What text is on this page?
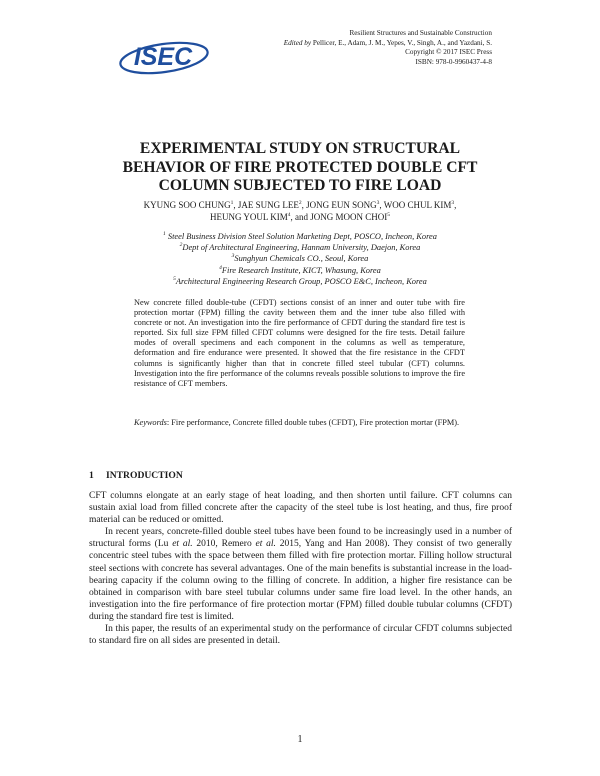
ISEC
Resilient Structures and Sustainable Construction
Edited by Pellicer, E., Adam, J. M., Yepes, V., Singh, A., and Yazdani, S.
Copyright © 2017 ISEC Press
ISBN: 978-0-9960437-4-8
EXPERIMENTAL STUDY ON STRUCTURAL
BEHAVIOR OF FIRE PROTECTED DOUBLE CFT
COLUMN SUBJECTED TO FIRE LOAD
KYUNG SOO CHUNG$^1$, JAE SUNG LEE$^2$, JONG EUN SONG$^3$, WOO CHUL KIM$^3$,
HEUNG YOUL KIM$^4$, and JONG MOON CHOI$^5$
$^1$ Steel Business Division Steel Solution Marketing Dept, POSCO, Incheon, Korea
$^2$Dept of Architectural Engineering, Hannam University, Daejon, Korea
$^3$Sunghyun Chemicals CO., Seoul, Korea
$^4$Fire Research Institute, KICT, Whasung, Korea
$^5$Architectural Engineering Research Group, POSCO E&C, Incheon, Korea
New concrete filled double-tube (CFDT) sections consist of an inner and outer tube with fire protection mortar (FPM) filling the cavity between them and the inner tube also filled with concrete or not. An investigation into the fire performance of CFDT during the standard fire test is reported. Six full size FPM filled CFDT columns were designed for the fire tests. Detail failure modes of overall specimens and each component in the columns as well as temperature, deformation and fire endurance were presented. It showed that the fire resistance in the CFDT columns is significantly higher than that in concrete filled steel tubular (CFT) columns. Investigation into the fire performance of the columns reveals possible solutions to improve the fire resistance of CFT members.
Keywords: Fire performance, Concrete filled double tubes (CFDT), Fire protection mortar (FPM).
1 INTRODUCTION

CFT columns elongate at an early stage of heat loading, and then shorten until failure. CFT columns can sustain axial load from filled concrete after the capacity of the steel tube is lost heating, and thus, fire proof material can be reduced or omitted.

In recent years, concrete-filled double steel tubes have been found to be increasingly used in a number of structural forms (Lu et al. 2010, Remero et al. 2015, Yang and Han 2008). They consist of two generally concentric steel tubes with the space between them filled with fire protection mortar. Filling hollow structural steel sections with concrete has several advantages. One of the main benefits is substantial increase in the load-bearing capacity if the column owing to the filling of concrete. In addition, a higher fire resistance can be obtained in comparison with bare steel tubular columns under same fire load level. In the other hands, an investigation into the fire performance of fire protection mortar (FPM) filled double tubular columns (CFDT) during the standard fire test is limited.

In this paper, the results of an experimental study on the performance of circular CFDT columns subjected to standard fire on all sides are presented in detail.

1
